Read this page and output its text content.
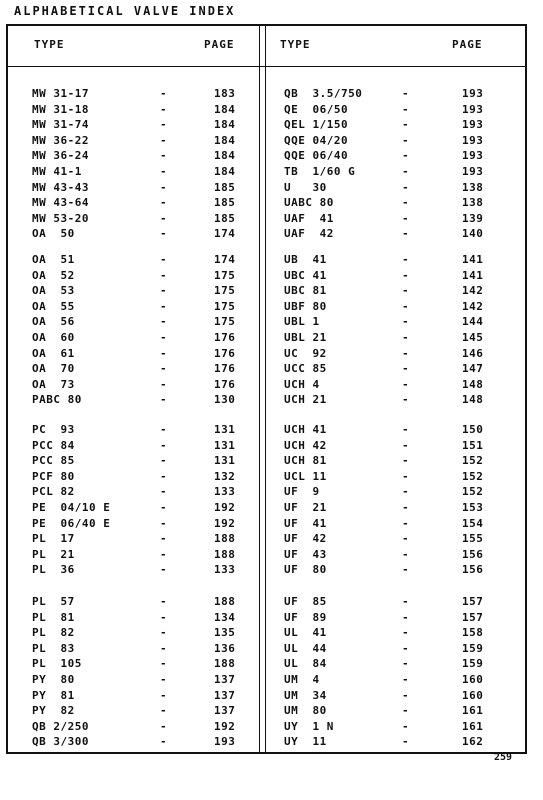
ALPHABETICAL VALVE INDEX
TYPE	PAGE
MW 31-17	-	183
MW 31-18	-	184
MW 31-74	-	184
MW 36-22	-	184
MW 36-24	-	184
MW 41-1	-	184
MW 43-43	-	185
MW 43-64	-	185
MW 53-20	-	185
OA  50	-	174
OA  51	-	174
OA  52	-	175
OA  53	-	175
OA  55	-	175
OA  56	-	175
OA  60	-	176
OA  61	-	176
OA  70	-	176
OA  73	-	176
PABC 80	-	130
PC  93	-	131
PCC 84	-	131
PCC 85	-	131
PCF 80	-	132
PCL 82	-	133
PE  04/10 E	-	192
PE  06/40 E	-	192
PL  17	-	188
PL  21	-	188
PL  36	-	133
PL  57	-	188
PL  81	-	134
PL  82	-	135
PL  83	-	136
PL  105	-	188
PY  80	-	137
PY  81	-	137
PY  82	-	137
QB 2/250	-	192
QB 3/300	-	193
TYPE	PAGE
QB  3.5/750	-	193
QE  06/50	-	193
QEL 1/150	-	193
QQE 04/20	-	193
QQE 06/40	-	193
TB  1/60 G	-	193
U   30	-	138
UABC 80	-	138
UAF  41	-	139
UAF  42	-	140
UB  41	-	141
UBC 41	-	141
UBC 81	-	142
UBF 80	-	142
UBL 1	-	144
UBL 21	-	145
UC  92	-	146
UCC 85	-	147
UCH 4	-	148
UCH 21	-	148
UCH 41	-	150
UCH 42	-	151
UCH 81	-	152
UCL 11	-	152
UF  9	-	152
UF  21	-	153
UF  41	-	154
UF  42	-	155
UF  43	-	156
UF  80	-	156
UF  85	-	157
UF  89	-	157
UL  41	-	158
UL  44	-	159
UL  84	-	159
UM  4	-	160
UM  34	-	160
UM  80	-	161
UY  1 N	-	161
UY  11	-	162
259
